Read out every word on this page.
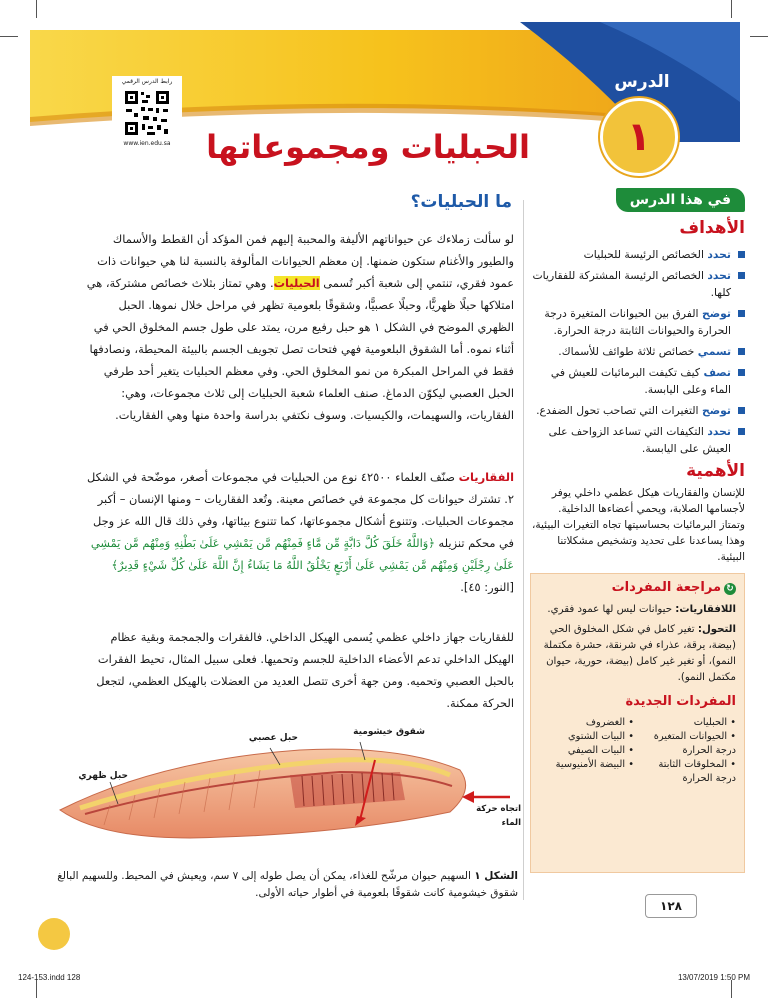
الدرس
١
رابط الدرس الرقمي
www.ien.edu.sa	الحبليات ومجموعاتها
ما الحبليات؟
لو سألت زملاءك عن حيواناتهم الأليفة والمحببة إليهم فمن المؤكد أن القطط والأسماك والطيور والأغنام ستكون ضمنها. إن معظم الحيوانات المألوفة بالنسبة لنا هي حيوانات ذات عمود فقري، تنتمي إلى شعبة أكبر تُسمى الحبليات. وهي تمتاز بثلاث خصائص مشتركة، هي امتلاكها حبلًا ظهريًّا، وحبلًا عصبيًّا، وشقوقًا بلعومية تظهر في مراحل خلال نموها. الحبل الظهري الموضح في الشكل ١ هو حبل رفيع مرن، يمتد على طول جسم المخلوق الحي في أثناء نموه. أما الشقوق البلعومية فهي فتحات تصل تجويف الجسم بالبيئة المحيطة، ونصادفها فقط في المراحل المبكرة من نمو المخلوق الحي. وفي معظم الحبليات يتغير أحد طرفي الحبل العصبي ليكوّن الدماغ. صنف العلماء شعبة الحبليات إلى ثلاث مجموعات، وهي: الفقاريات، والسهيمات، والكيسيات. وسوف نكتفي بدراسة واحدة منها وهي الفقاريات.
الفقاريات صنّف العلماء ٤٢٥٠٠ نوع من الحبليات في مجموعات أصغر، موضّحة في الشكل ٢. تشترك حيوانات كل مجموعة في خصائص معينة. وتُعد الفقاريات – ومنها الإنسان – أكبر مجموعات الحبليات. وتتنوع أشكال مجموعاتها، كما تتنوع بيئاتها، وفي ذلك قال الله عز وجل في محكم تنزيله ﴿وَاللَّهُ خَلَقَ كُلَّ دَابَّةٍ مِّن مَّاءٍ فَمِنْهُم مَّن يَمْشِي عَلَىٰ بَطْنِهِ وَمِنْهُم مَّن يَمْشِي عَلَىٰ رِجْلَيْنِ وَمِنْهُم مَّن يَمْشِي عَلَىٰ أَرْبَعٍ يَخْلُقُ اللَّهُ مَا يَشَاءُ إِنَّ اللَّهَ عَلَىٰ كُلِّ شَيْءٍ قَدِيرٌ﴾ [النور: ٤٥].
للفقاريات جهاز داخلي عظمي يُسمى الهيكل الداخلي. فالفقرات والجمجمة وبقية عظام الهيكل الداخلي تدعم الأعضاء الداخلية للجسم وتحميها. فعلى سبيل المثال، تحيط الفقرات بالحبل العصبي وتحميه. ومن جهة أخرى تتصل العديد من العضلات بالهيكل العظمي، لتجعل الحركة ممكنة.
حبل عصبي
شقوق خيشومية
حبل ظهري
اتجاه حركة الماء
الشكل ١ السهيم حيوان مرشّح للغذاء، يمكن أن يصل طوله إلى ٧ سم، ويعيش في المحيط. وللسهيم البالغ شقوق خيشومية كانت شقوقًا بلعومية في أطوار حياته الأولى.
في هذا الدرس
الأهداف
تحدد الخصائص الرئيسة للحبليات
تحدد الخصائص الرئيسة المشتركة للفقاريات كلها.
توضح الفرق بين الحيوانات المتغيرة درجة الحرارة والحيوانات الثابتة درجة الحرارة.
تسمي خصائص ثلاثة طوائف للأسماك.
تصف كيف تكيفت البرمائيات للعيش في الماء وعلى اليابسة.
توضح التغيرات التي تصاحب تحول الضفدع.
تحدد التكيفات التي تساعد الزواحف على العيش على اليابسة.
الأهمية
للإنسان والفقاريات هيكل عظمي داخلي يوفر لأجسامها الصلابة، ويحمي أعضاءها الداخلية. وتمتاز البرمائيات بحساسيتها تجاه التغيرات البيئية، وهذا يساعدنا على تحديد وتشخيص مشكلاتنا البيئية.
↻مراجعة المفردات
اللافقاريات: حيوانات ليس لها عمود فقري.
التحول: تغير كامل في شكل المخلوق الحي (بيضة، يرقة، عذراء في شرنقة، حشرة مكتملة النمو)، أو تغير غير كامل (بيضة، حورية، حيوان مكتمل النمو).
المفردات الجديدة
• الحبليات
• الحيوانات المتغيرة درجة الحرارة
• المخلوقات الثابتة درجة الحرارة
• الغضروف
• البيات الشتوي
• البيات الصيفي
• البيضة الأمنيوسية
١٢٨
124-153.indd 128	13/07/2019 1:50 PM
